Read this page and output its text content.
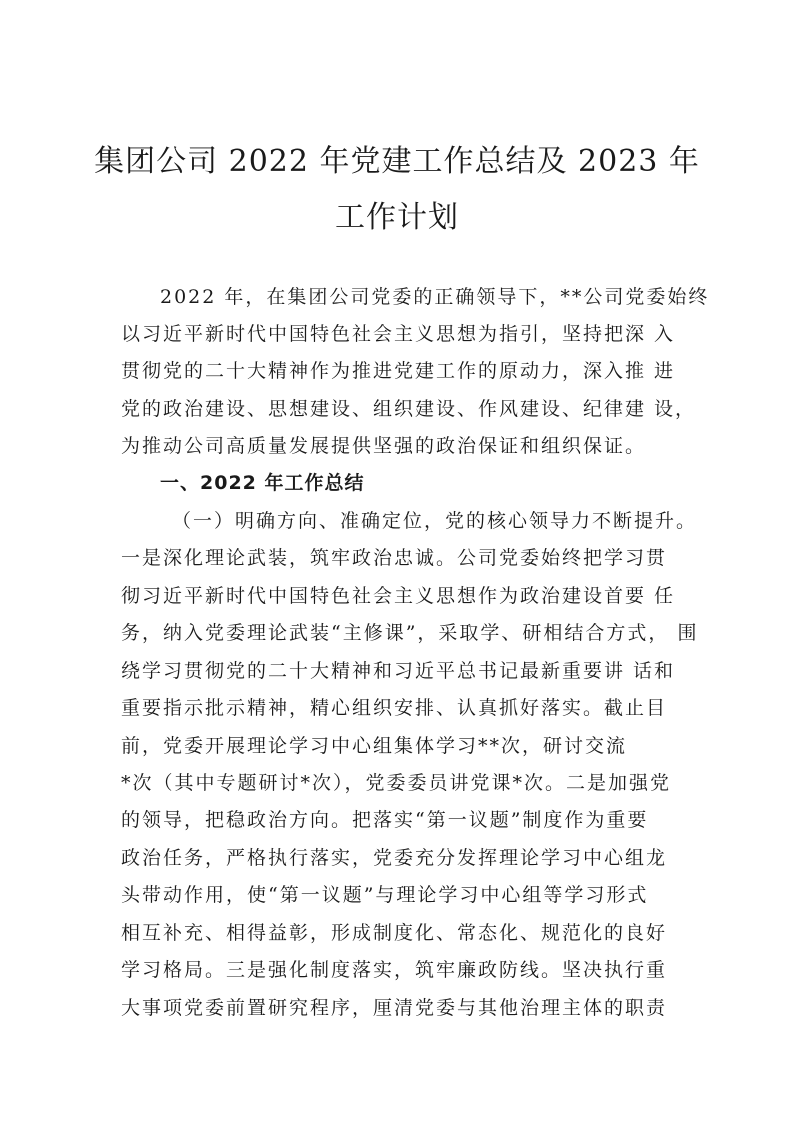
集团公司 2022 年党建工作总结及 2023 年
工作计划
2022 年，在集团公司党委的正确领导下，**公司党委始终
以习近平新时代中国特色社会主义思想为指引，坚持把深 入
贯彻党的二十大精神作为推进党建工作的原动力，深入推 进
党的政治建设、思想建设、组织建设、作风建设、纪律建 设，
为推动公司高质量发展提供坚强的政治保证和组织保证。
一、2022 年工作总结
（一）明确方向、准确定位，党的核心领导力不断提升。
一是深化理论武装，筑牢政治忠诚。公司党委始终把学习贯
彻习近平新时代中国特色社会主义思想作为政治建设首要 任
务，纳入党委理论武装“主修课”，采取学、研相结合方式， 围
绕学习贯彻党的二十大精神和习近平总书记最新重要讲 话和
重要指示批示精神，精心组织安排、认真抓好落实。截止目
前，党委开展理论学习中心组集体学习**次，研讨交流
*次（其中专题研讨*次），党委委员讲党课*次。二是加强党
的领导，把稳政治方向。把落实“第一议题”制度作为重要
政治任务，严格执行落实，党委充分发挥理论学习中心组龙
头带动作用，使“第一议题”与理论学习中心组等学习形式
相互补充、相得益彰，形成制度化、常态化、规范化的良好
学习格局。三是强化制度落实，筑牢廉政防线。坚决执行重
大事项党委前置研究程序，厘清党委与其他治理主体的职责
